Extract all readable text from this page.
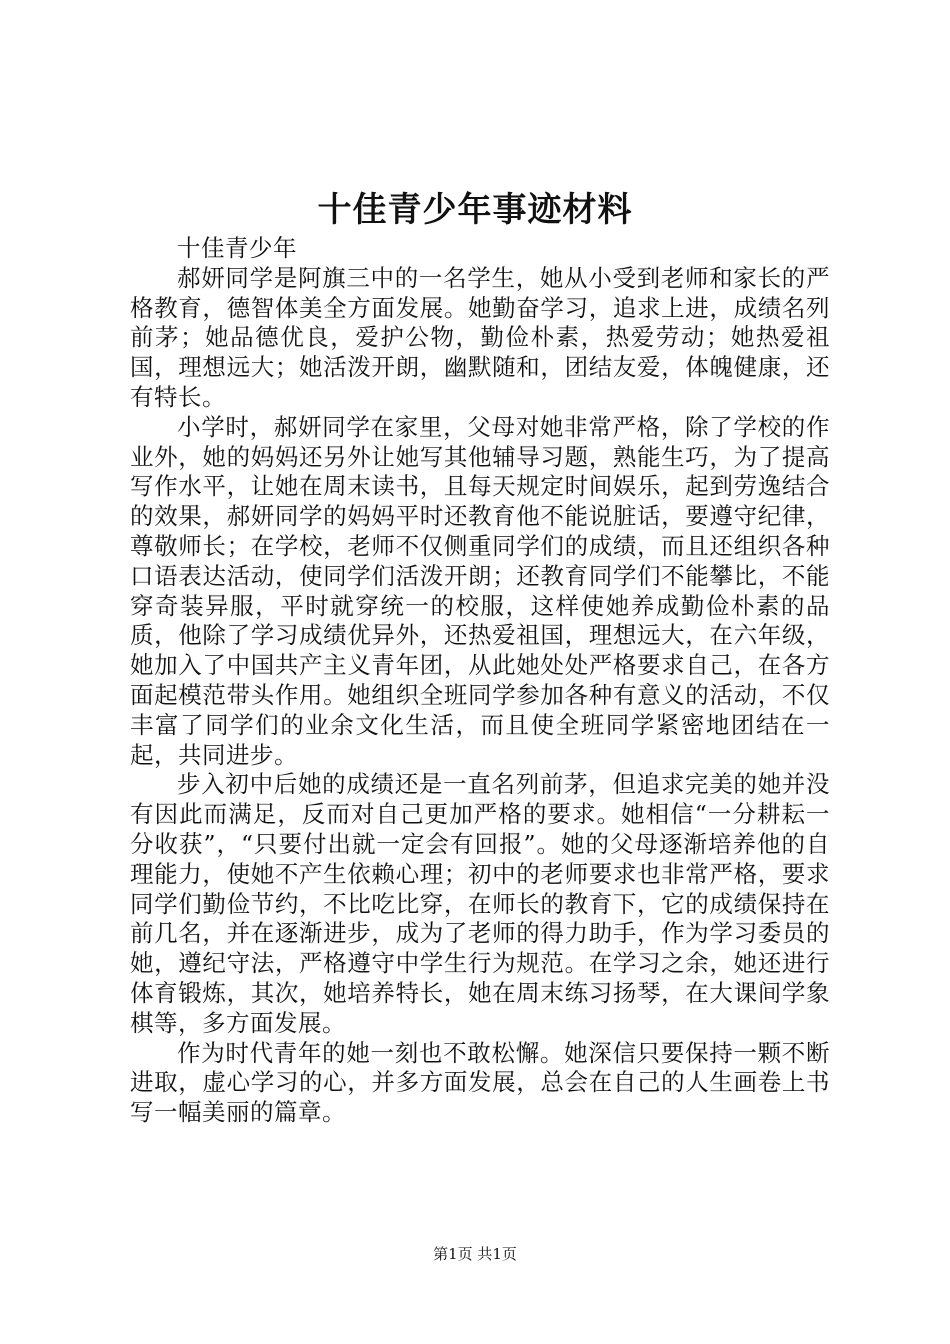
十佳青少年事迹材料

十佳青少年

郝妍同学是阿旗三中的一名学生，她从小受到老师和家长的严格教育，德智体美全方面发展。她勤奋学习，追求上进，成绩名列前茅；她品德优良，爱护公物，勤俭朴素，热爱劳动；她热爱祖国，理想远大；她活泼开朗，幽默随和，团结友爱，体魄健康，还有特长。

小学时，郝妍同学在家里，父母对她非常严格，除了学校的作业外，她的妈妈还另外让她写其他辅导习题，熟能生巧，为了提高写作水平，让她在周末读书，且每天规定时间娱乐，起到劳逸结合的效果，郝妍同学的妈妈平时还教育他不能说脏话，要遵守纪律，尊敬师长；在学校，老师不仅侧重同学们的成绩，而且还组织各种口语表达活动，使同学们活泼开朗；还教育同学们不能攀比，不能穿奇装异服，平时就穿统一的校服，这样使她养成勤俭朴素的品质，他除了学习成绩优异外，还热爱祖国，理想远大，在六年级，她加入了中国共产主义青年团，从此她处处严格要求自己，在各方面起模范带头作用。她组织全班同学参加各种有意义的活动，不仅丰富了同学们的业余文化生活，而且使全班同学紧密地团结在一起，共同进步。

步入初中后她的成绩还是一直名列前茅，但追求完美的她并没有因此而满足，反而对自己更加严格的要求。她相信“一分耕耘一分收获”，“只要付出就一定会有回报”。她的父母逐渐培养他的自理能力，使她不产生依赖心理；初中的老师要求也非常严格，要求同学们勤俭节约，不比吃比穿，在师长的教育下，它的成绩保持在前几名，并在逐渐进步，成为了老师的得力助手，作为学习委员的她，遵纪守法，严格遵守中学生行为规范。在学习之余，她还进行体育锻炼，其次，她培养特长，她在周末练习扬琴，在大课间学象棋等，多方面发展。

作为时代青年的她一刻也不敢松懈。她深信只要保持一颗不断进取，虚心学习的心，并多方面发展，总会在自己的人生画卷上书写一幅美丽的篇章。

第1页 共1页
